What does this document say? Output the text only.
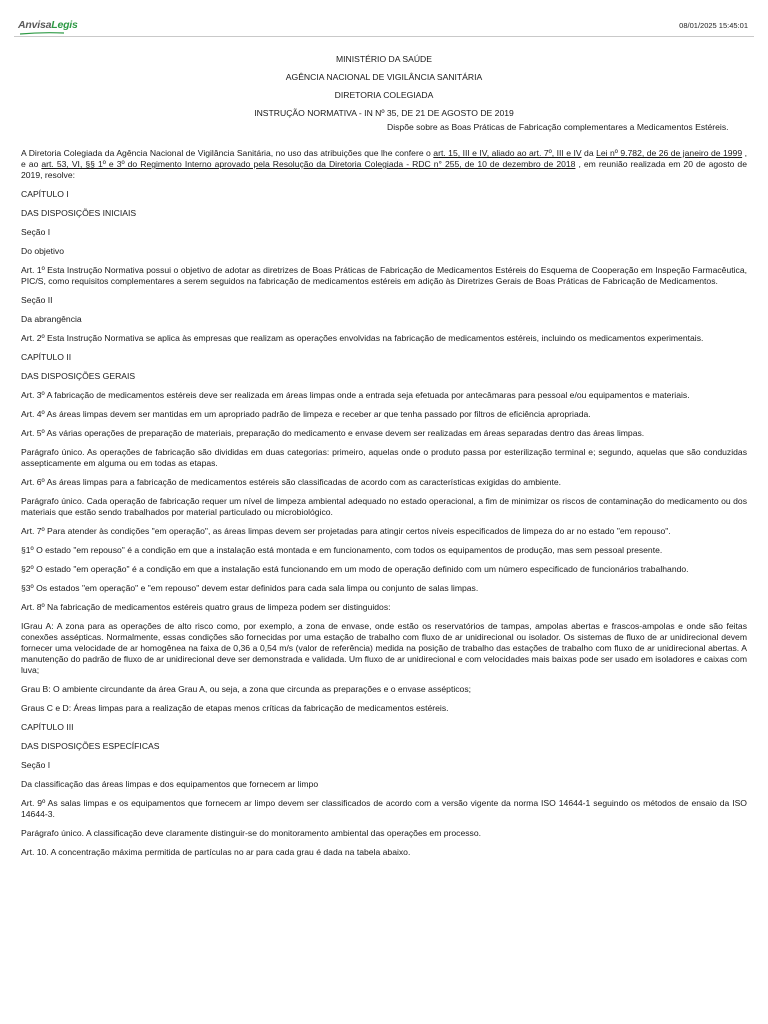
AnvisaLegis	08/01/2025 15:45:01
MINISTÉRIO DA SAÚDE
AGÊNCIA NACIONAL DE VIGILÂNCIA SANITÁRIA
DIRETORIA COLEGIADA
INSTRUÇÃO NORMATIVA - IN Nº 35, DE 21 DE AGOSTO DE 2019
Dispõe sobre as Boas Práticas de Fabricação complementares a Medicamentos Estéreis.

A Diretoria Colegiada da Agência Nacional de Vigilância Sanitária, no uso das atribuições que lhe confere o art. 15, III e IV, aliado ao art. 7º, III e IV da Lei nº 9.782, de 26 de janeiro de 1999 , e ao art. 53, VI, §§ 1º e 3º do Regimento Interno aprovado pela Resolução da Diretoria Colegiada - RDC n° 255, de 10 de dezembro de 2018 , em reunião realizada em 20 de agosto de 2019, resolve:

CAPÍTULO I

DAS DISPOSIÇÕES INICIAIS

Seção I

Do objetivo

Art. 1º Esta Instrução Normativa possui o objetivo de adotar as diretrizes de Boas Práticas de Fabricação de Medicamentos Estéreis do Esquema de Cooperação em Inspeção Farmacêutica, PIC/S, como requisitos complementares a serem seguidos na fabricação de medicamentos estéreis em adição às Diretrizes Gerais de Boas Práticas de Fabricação de Medicamentos.

Seção II

Da abrangência

Art. 2º Esta Instrução Normativa se aplica às empresas que realizam as operações envolvidas na fabricação de medicamentos estéreis, incluindo os medicamentos experimentais.

CAPÍTULO II

DAS DISPOSIÇÕES GERAIS

Art. 3º A fabricação de medicamentos estéreis deve ser realizada em áreas limpas onde a entrada seja efetuada por antecâmaras para pessoal e/ou equipamentos e materiais.

Art. 4º As áreas limpas devem ser mantidas em um apropriado padrão de limpeza e receber ar que tenha passado por filtros de eficiência apropriada.

Art. 5º As várias operações de preparação de materiais, preparação do medicamento e envase devem ser realizadas em áreas separadas dentro das áreas limpas.

Parágrafo único. As operações de fabricação são divididas em duas categorias: primeiro, aquelas onde o produto passa por esterilização terminal e; segundo, aquelas que são conduzidas assepticamente em alguma ou em todas as etapas.

Art. 6º As áreas limpas para a fabricação de medicamentos estéreis são classificadas de acordo com as características exigidas do ambiente.

Parágrafo único. Cada operação de fabricação requer um nível de limpeza ambiental adequado no estado operacional, a fim de minimizar os riscos de contaminação do medicamento ou dos materiais que estão sendo trabalhados por material particulado ou microbiológico.

Art. 7º Para atender às condições "em operação", as áreas limpas devem ser projetadas para atingir certos níveis especificados de limpeza do ar no estado "em repouso".

§1º O estado "em repouso" é a condição em que a instalação está montada e em funcionamento, com todos os equipamentos de produção, mas sem pessoal presente.

§2º O estado "em operação" é a condição em que a instalação está funcionando em um modo de operação definido com um número especificado de funcionários trabalhando.

§3º Os estados "em operação" e "em repouso" devem estar definidos para cada sala limpa ou conjunto de salas limpas.

Art. 8º Na fabricação de medicamentos estéreis quatro graus de limpeza podem ser distinguidos:

IGrau A: A zona para as operações de alto risco como, por exemplo, a zona de envase, onde estão os reservatórios de tampas, ampolas abertas e frascos-ampolas e onde são feitas conexões assépticas. Normalmente, essas condições são fornecidas por uma estação de trabalho com fluxo de ar unidirecional ou isolador. Os sistemas de fluxo de ar unidirecional devem fornecer uma velocidade de ar homogênea na faixa de 0,36 a 0,54 m/s (valor de referência) medida na posição de trabalho das estações de trabalho com fluxo de ar unidirecional abertas. A manutenção do padrão de fluxo de ar unidirecional deve ser demonstrada e validada. Um fluxo de ar unidirecional e com velocidades mais baixas pode ser usado em isoladores e caixas com luva;

Grau B: O ambiente circundante da área Grau A, ou seja, a zona que circunda as preparações e o envase assépticos;

Graus C e D: Áreas limpas para a realização de etapas menos críticas da fabricação de medicamentos estéreis.

CAPÍTULO III

DAS DISPOSIÇÕES ESPECÍFICAS

Seção I

Da classificação das áreas limpas e dos equipamentos que fornecem ar limpo

Art. 9º As salas limpas e os equipamentos que fornecem ar limpo devem ser classificados de acordo com a versão vigente da norma ISO 14644-1 seguindo os métodos de ensaio da ISO 14644-3.

Parágrafo único. A classificação deve claramente distinguir-se do monitoramento ambiental das operações em processo.

Art. 10. A concentração máxima permitida de partículas no ar para cada grau é dada na tabela abaixo.
